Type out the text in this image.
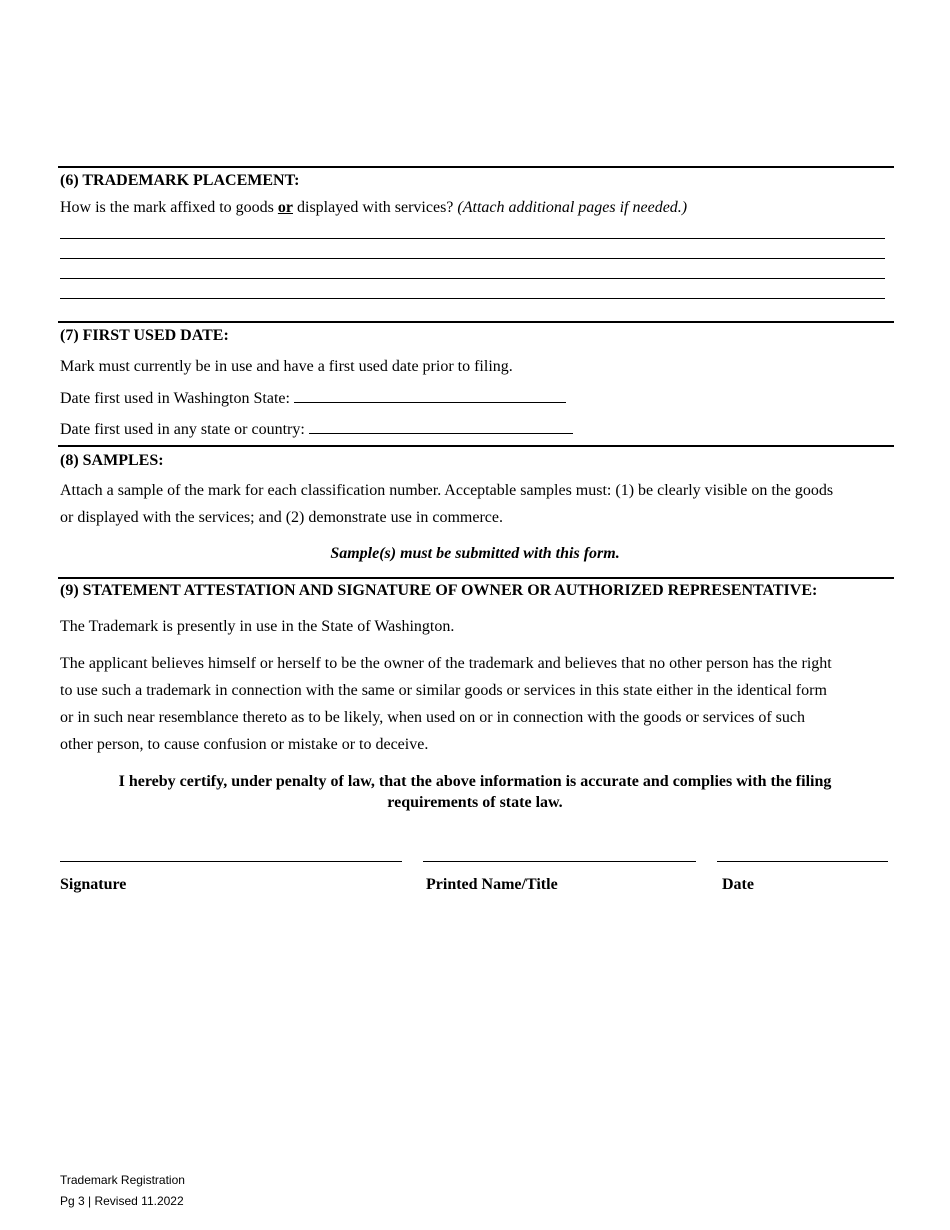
(6) TRADEMARK PLACEMENT:
How is the mark affixed to goods or displayed with services? (Attach additional pages if needed.)
(7) FIRST USED DATE:
Mark must currently be in use and have a first used date prior to filing.
Date first used in Washington State:
Date first used in any state or country:
(8) SAMPLES:
Attach a sample of the mark for each classification number. Acceptable samples must: (1) be clearly visible on the goods
or displayed with the services; and (2) demonstrate use in commerce.
Sample(s) must be submitted with this form.
(9) STATEMENT ATTESTATION AND SIGNATURE OF OWNER OR AUTHORIZED REPRESENTATIVE:
The Trademark is presently in use in the State of Washington.
The applicant believes himself or herself to be the owner of the trademark and believes that no other person has the right
to use such a trademark in connection with the same or similar goods or services in this state either in the identical form
or in such near resemblance thereto as to be likely, when used on or in connection with the goods or services of such
other person, to cause confusion or mistake or to deceive.
I hereby certify, under penalty of law, that the above information is accurate and complies with the filing
requirements of state law.
Signature	Printed Name/Title	Date
Trademark Registration
Pg 3 | Revised 11.2022
